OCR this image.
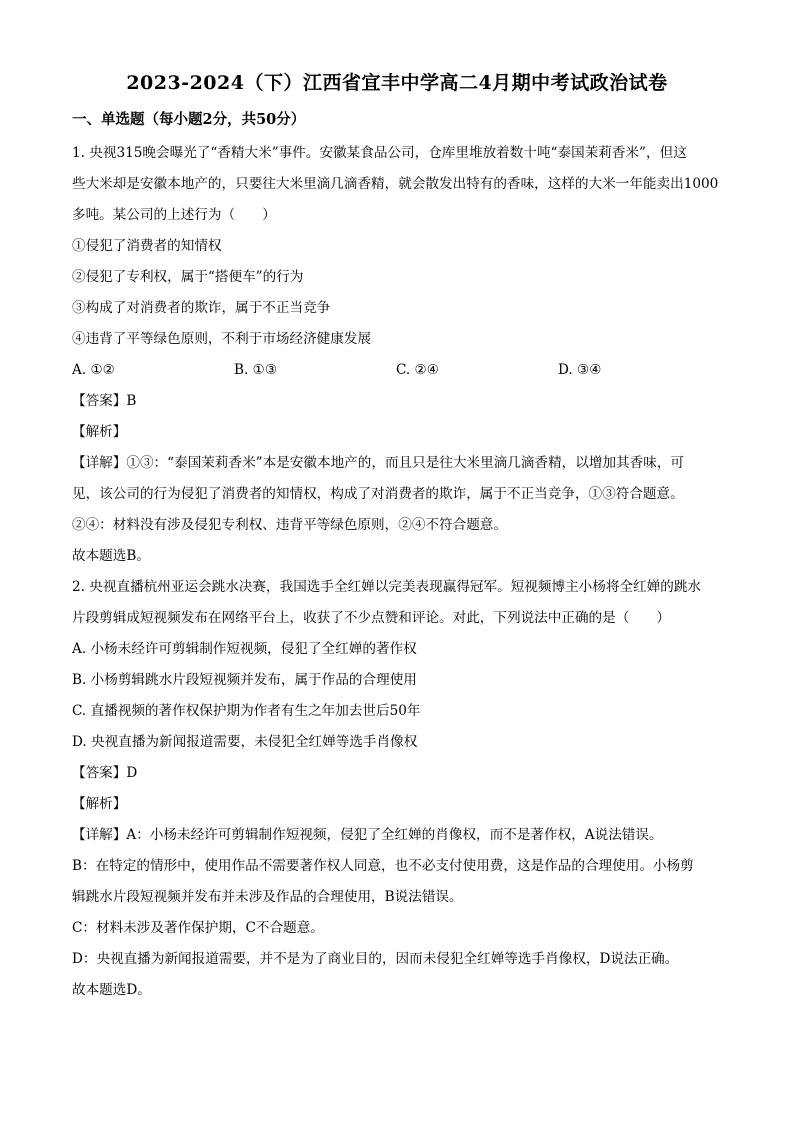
2023-2024（下）江西省宜丰中学高二4月期中考试政治试卷
一、单选题（每小题2分，共50分）
1. 央视315晚会曝光了“香精大米”事件。安徽某食品公司，仓库里堆放着数十吨“泰国茉莉香米”，但这
些大米却是安徽本地产的，只要往大米里滴几滴香精，就会散发出特有的香味，这样的大米一年能卖出1000
多吨。某公司的上述行为（　　）
①侵犯了消费者的知情权
②侵犯了专利权，属于“搭便车”的行为
③构成了对消费者的欺诈，属于不正当竞争
④违背了平等绿色原则，不利于市场经济健康发展
A. ①②	B. ①③	C. ②④	D. ③④
【答案】B
【解析】
【详解】①③：“泰国茉莉香米”本是安徽本地产的，而且只是往大米里滴几滴香精，以增加其香味，可
见，该公司的行为侵犯了消费者的知情权，构成了对消费者的欺诈，属于不正当竞争，①③符合题意。
②④：材料没有涉及侵犯专利权、违背平等绿色原则，②④不符合题意。
故本题选B。
2. 央视直播杭州亚运会跳水决赛，我国选手全红婵以完美表现赢得冠军。短视频博主小杨将全红婵的跳水
片段剪辑成短视频发布在网络平台上，收获了不少点赞和评论。对此，下列说法中正确的是（　　）
A. 小杨未经许可剪辑制作短视频，侵犯了全红婵的著作权
B. 小杨剪辑跳水片段短视频并发布，属于作品的合理使用
C. 直播视频的著作权保护期为作者有生之年加去世后50年
D. 央视直播为新闻报道需要，未侵犯全红婵等选手肖像权
【答案】D
【解析】
【详解】A：小杨未经许可剪辑制作短视频，侵犯了全红婵的肖像权，而不是著作权，A说法错误。
B：在特定的情形中，使用作品不需要著作权人同意，也不必支付使用费，这是作品的合理使用。小杨剪
辑跳水片段短视频并发布并未涉及作品的合理使用，B说法错误。
C：材料未涉及著作保护期，C不合题意。
D：央视直播为新闻报道需要，并不是为了商业目的，因而未侵犯全红婵等选手肖像权，D说法正确。
故本题选D。
